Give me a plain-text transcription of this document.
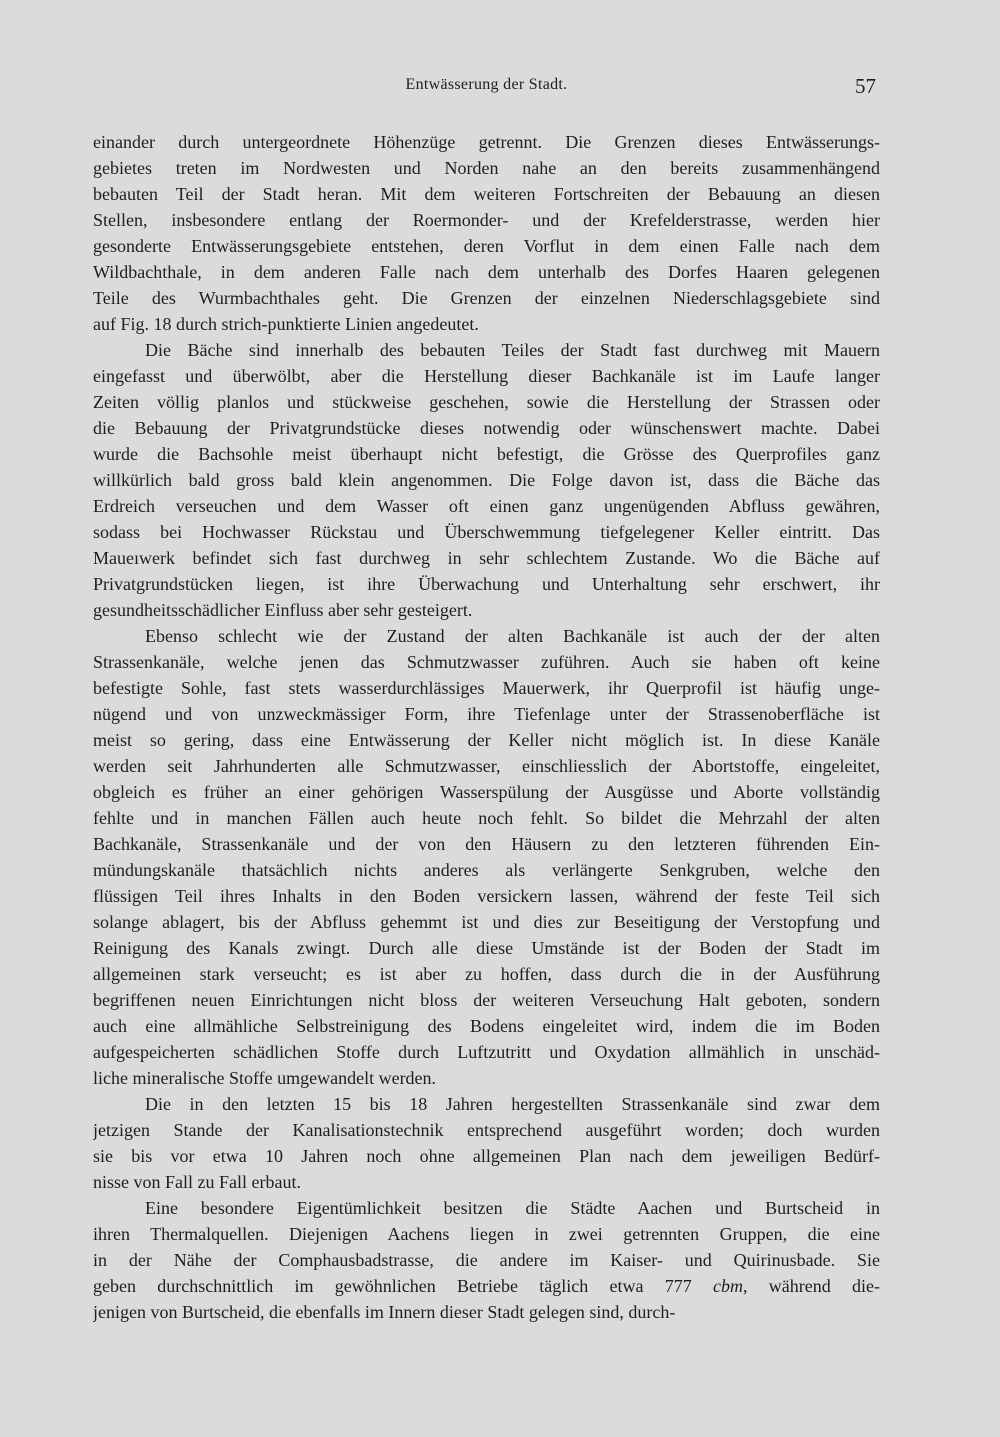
Entwässerung der Stadt.	57
einander durch untergeordnete Höhenzüge getrennt. Die Grenzen dieses Entwässerungs-
gebietes treten im Nordwesten und Norden nahe an den bereits zusammenhängend
bebauten Teil der Stadt heran. Mit dem weiteren Fortschreiten der Bebauung an diesen
Stellen, insbesondere entlang der Roermonder- und der Krefelderstrasse, werden hier
gesonderte Entwässerungsgebiete entstehen, deren Vorflut in dem einen Falle nach dem
Wildbachthale, in dem anderen Falle nach dem unterhalb des Dorfes Haaren gelegenen
Teile des Wurmbachthales geht. Die Grenzen der einzelnen Niederschlagsgebiete sind
auf Fig. 18 durch strich-punktierte Linien angedeutet.
Die Bäche sind innerhalb des bebauten Teiles der Stadt fast durchweg mit Mauern
eingefasst und überwölbt, aber die Herstellung dieser Bachkanäle ist im Laufe langer
Zeiten völlig planlos und stückweise geschehen, sowie die Herstellung der Strassen oder
die Bebauung der Privatgrundstücke dieses notwendig oder wünschenswert machte. Dabei
wurde die Bachsohle meist überhaupt nicht befestigt, die Grösse des Querprofiles ganz
willkürlich bald gross bald klein angenommen. Die Folge davon ist, dass die Bäche das
Erdreich verseuchen und dem Wasser oft einen ganz ungenügenden Abfluss gewähren,
sodass bei Hochwasser Rückstau und Überschwemmung tiefgelegener Keller eintritt. Das
Maueıwerk befindet sich fast durchweg in sehr schlechtem Zustande. Wo die Bäche auf
Privatgrundstücken liegen, ist ihre Überwachung und Unterhaltung sehr erschwert, ihr
gesundheitsschädlicher Einfluss aber sehr gesteigert.
Ebenso schlecht wie der Zustand der alten Bachkanäle ist auch der der alten
Strassenkanäle, welche jenen das Schmutzwasser zuführen. Auch sie haben oft keine
befestigte Sohle, fast stets wasserdurchlässiges Mauerwerk, ihr Querprofil ist häufig unge-
nügend und von unzweckmässiger Form, ihre Tiefenlage unter der Strassenoberfläche ist
meist so gering, dass eine Entwässerung der Keller nicht möglich ist. In diese Kanäle
werden seit Jahrhunderten alle Schmutzwasser, einschliesslich der Abortstoffe, eingeleitet,
obgleich es früher an einer gehörigen Wasserspülung der Ausgüsse und Aborte vollständig
fehlte und in manchen Fällen auch heute noch fehlt. So bildet die Mehrzahl der alten
Bachkanäle, Strassenkanäle und der von den Häusern zu den letzteren führenden Ein-
mündungskanäle thatsächlich nichts anderes als verlängerte Senkgruben, welche den
flüssigen Teil ihres Inhalts in den Boden versickern lassen, während der feste Teil sich
solange ablagert, bis der Abfluss gehemmt ist und dies zur Beseitigung der Verstopfung und
Reinigung des Kanals zwingt. Durch alle diese Umstände ist der Boden der Stadt im
allgemeinen stark verseucht; es ist aber zu hoffen, dass durch die in der Ausführung
begriffenen neuen Einrichtungen nicht bloss der weiteren Verseuchung Halt geboten, sondern
auch eine allmähliche Selbstreinigung des Bodens eingeleitet wird, indem die im Boden
aufgespeicherten schädlichen Stoffe durch Luftzutritt und Oxydation allmählich in unschäd-
liche mineralische Stoffe umgewandelt werden.
Die in den letzten 15 bis 18 Jahren hergestellten Strassenkanäle sind zwar dem
jetzigen Stande der Kanalisationstechnik entsprechend ausgeführt worden; doch wurden
sie bis vor etwa 10 Jahren noch ohne allgemeinen Plan nach dem jeweiligen Bedürf-
nisse von Fall zu Fall erbaut.
Eine besondere Eigentümlichkeit besitzen die Städte Aachen und Burtscheid in
ihren Thermalquellen. Diejenigen Aachens liegen in zwei getrennten Gruppen, die eine
in der Nähe der Comphausbadstrasse, die andere im Kaiser- und Quirinusbade. Sie
geben durchschnittlich im gewöhnlichen Betriebe täglich etwa 777 cbm, während die-
jenigen von Burtscheid, die ebenfalls im Innern dieser Stadt gelegen sind, durch-
